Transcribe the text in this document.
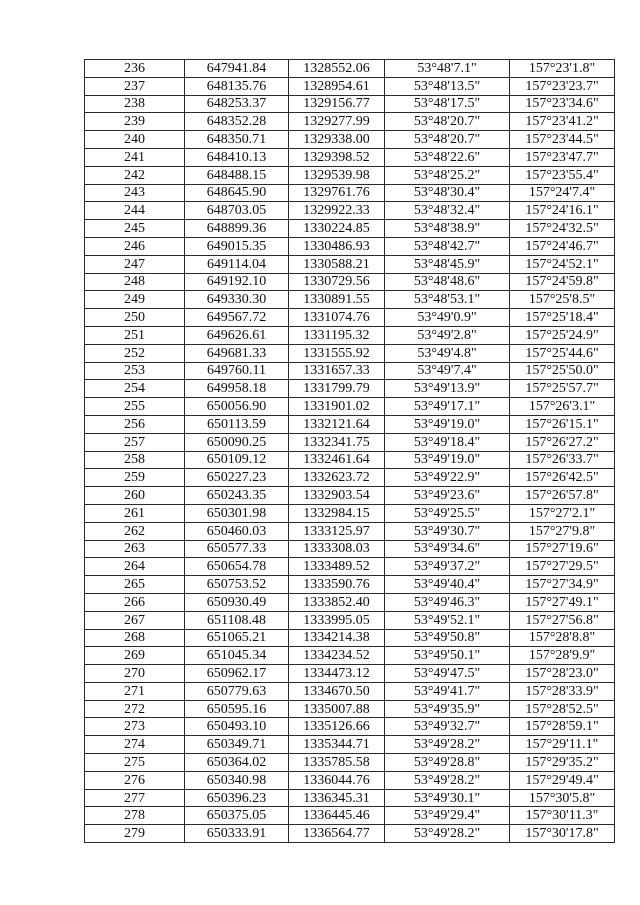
236	647941.84	1328552.06	53°48'7.1"	157°23'1.8"
237	648135.76	1328954.61	53°48'13.5"	157°23'23.7"
238	648253.37	1329156.77	53°48'17.5"	157°23'34.6"
239	648352.28	1329277.99	53°48'20.7"	157°23'41.2"
240	648350.71	1329338.00	53°48'20.7"	157°23'44.5"
241	648410.13	1329398.52	53°48'22.6"	157°23'47.7"
242	648488.15	1329539.98	53°48'25.2"	157°23'55.4"
243	648645.90	1329761.76	53°48'30.4"	157°24'7.4"
244	648703.05	1329922.33	53°48'32.4"	157°24'16.1"
245	648899.36	1330224.85	53°48'38.9"	157°24'32.5"
246	649015.35	1330486.93	53°48'42.7"	157°24'46.7"
247	649114.04	1330588.21	53°48'45.9"	157°24'52.1"
248	649192.10	1330729.56	53°48'48.6"	157°24'59.8"
249	649330.30	1330891.55	53°48'53.1"	157°25'8.5"
250	649567.72	1331074.76	53°49'0.9"	157°25'18.4"
251	649626.61	1331195.32	53°49'2.8"	157°25'24.9"
252	649681.33	1331555.92	53°49'4.8"	157°25'44.6"
253	649760.11	1331657.33	53°49'7.4"	157°25'50.0"
254	649958.18	1331799.79	53°49'13.9"	157°25'57.7"
255	650056.90	1331901.02	53°49'17.1"	157°26'3.1"
256	650113.59	1332121.64	53°49'19.0"	157°26'15.1"
257	650090.25	1332341.75	53°49'18.4"	157°26'27.2"
258	650109.12	1332461.64	53°49'19.0"	157°26'33.7"
259	650227.23	1332623.72	53°49'22.9"	157°26'42.5"
260	650243.35	1332903.54	53°49'23.6"	157°26'57.8"
261	650301.98	1332984.15	53°49'25.5"	157°27'2.1"
262	650460.03	1333125.97	53°49'30.7"	157°27'9.8"
263	650577.33	1333308.03	53°49'34.6"	157°27'19.6"
264	650654.78	1333489.52	53°49'37.2"	157°27'29.5"
265	650753.52	1333590.76	53°49'40.4"	157°27'34.9"
266	650930.49	1333852.40	53°49'46.3"	157°27'49.1"
267	651108.48	1333995.05	53°49'52.1"	157°27'56.8"
268	651065.21	1334214.38	53°49'50.8"	157°28'8.8"
269	651045.34	1334234.52	53°49'50.1"	157°28'9.9"
270	650962.17	1334473.12	53°49'47.5"	157°28'23.0"
271	650779.63	1334670.50	53°49'41.7"	157°28'33.9"
272	650595.16	1335007.88	53°49'35.9"	157°28'52.5"
273	650493.10	1335126.66	53°49'32.7"	157°28'59.1"
274	650349.71	1335344.71	53°49'28.2"	157°29'11.1"
275	650364.02	1335785.58	53°49'28.8"	157°29'35.2"
276	650340.98	1336044.76	53°49'28.2"	157°29'49.4"
277	650396.23	1336345.31	53°49'30.1"	157°30'5.8"
278	650375.05	1336445.46	53°49'29.4"	157°30'11.3"
279	650333.91	1336564.77	53°49'28.2"	157°30'17.8"
